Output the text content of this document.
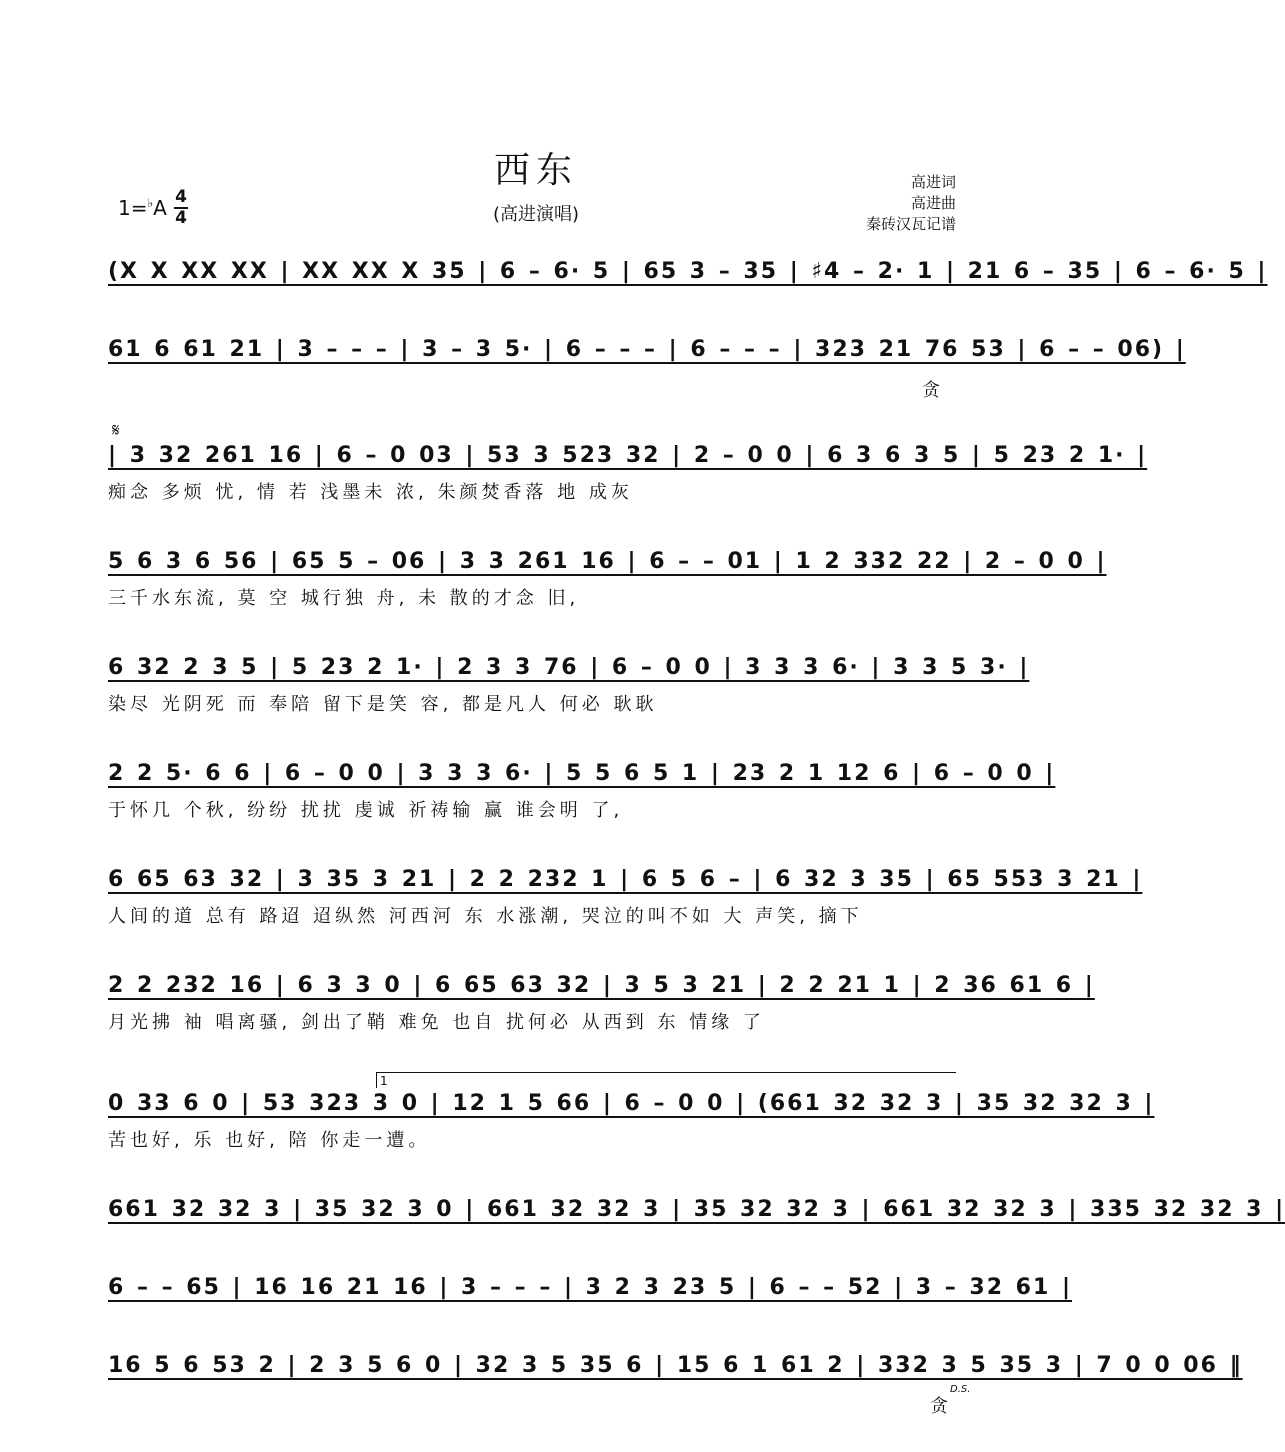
西东
(高进演唱)
1=♭A 4
4
高进词
高进曲
秦砖汉瓦记谱
(X X XX XX | XX XX X 35 | 6 – 6· 5 | 65 3 – 35 | ♯4 – 2· 1 | 21 6 – 35 | 6 – 6· 5 |
61 6 61 21 | 3 – – – | 3 – 3 5· | 6 – – – | 6 – – – | 323 21 76 53 | 6 – – 06) |
贪
𝄋
| 3 32 261 16 | 6 – 0 03 | 53 3 523 32 | 2 – 0 0 | 6 3 6 3 5 | 5 23 2 1· |
痴念 多烦 忧, 情 若 浅墨未 浓, 朱颜焚香落 地 成灰
5 6 3 6 56 | 65 5 – 06 | 3 3 261 16 | 6 – – 01 | 1 2 332 22 | 2 – 0 0 |
三千水东流, 莫 空 城行独 舟, 未 散的才念 旧,
6 32 2 3 5 | 5 23 2 1· | 2 3 3 76 | 6 – 0 0 | 3 3 3 6· | 3 3 5 3· |
染尽 光阴死 而 奉陪 留下是笑 容, 都是凡人 何必 耿耿
2 2 5· 6 6 | 6 – 0 0 | 3 3 3 6· | 5 5 6 5 1 | 23 2 1 12 6 | 6 – 0 0 |
于怀几 个秋, 纷纷 扰扰 虔诚 祈祷输 赢 谁会明 了,
6 65 63 32 | 3 35 3 21 | 2 2 232 1 | 6 5 6 – | 6 32 3 35 | 65 553 3 21 |
人间的道 总有 路迢 迢纵然 河西河 东 水涨潮, 哭泣的叫不如 大 声笑, 摘下
2 2 232 16 | 6 3 3 0 | 6 65 63 32 | 3 5 3 21 | 2 2 21 1 | 2 36 61 6 |
月光拂 袖 唱离骚, 剑出了鞘 难免 也自 扰何必 从西到 东 情缘 了
1
0 33 6 0 | 53 323 3 0 | 12 1 5 66 | 6 – 0 0 | (661 32 32 3 | 35 32 32 3 |
苦也好, 乐 也好, 陪 你走一遭。
661 32 32 3 | 35 32 3 0 | 661 32 32 3 | 35 32 32 3 | 661 32 32 3 | 335 32 32 3 |
6 – – 65 | 16 16 21 16 | 3 – – – | 3 2 3 23 5 | 6 – – 52 | 3 – 32 61 |
16 5 6 53 2 | 2 3 5 6 0 | 32 3 5 35 6 | 15 6 1 61 2 | 332 3 5 35 3 | 7 0 0 06 ‖
D.S.
贪
